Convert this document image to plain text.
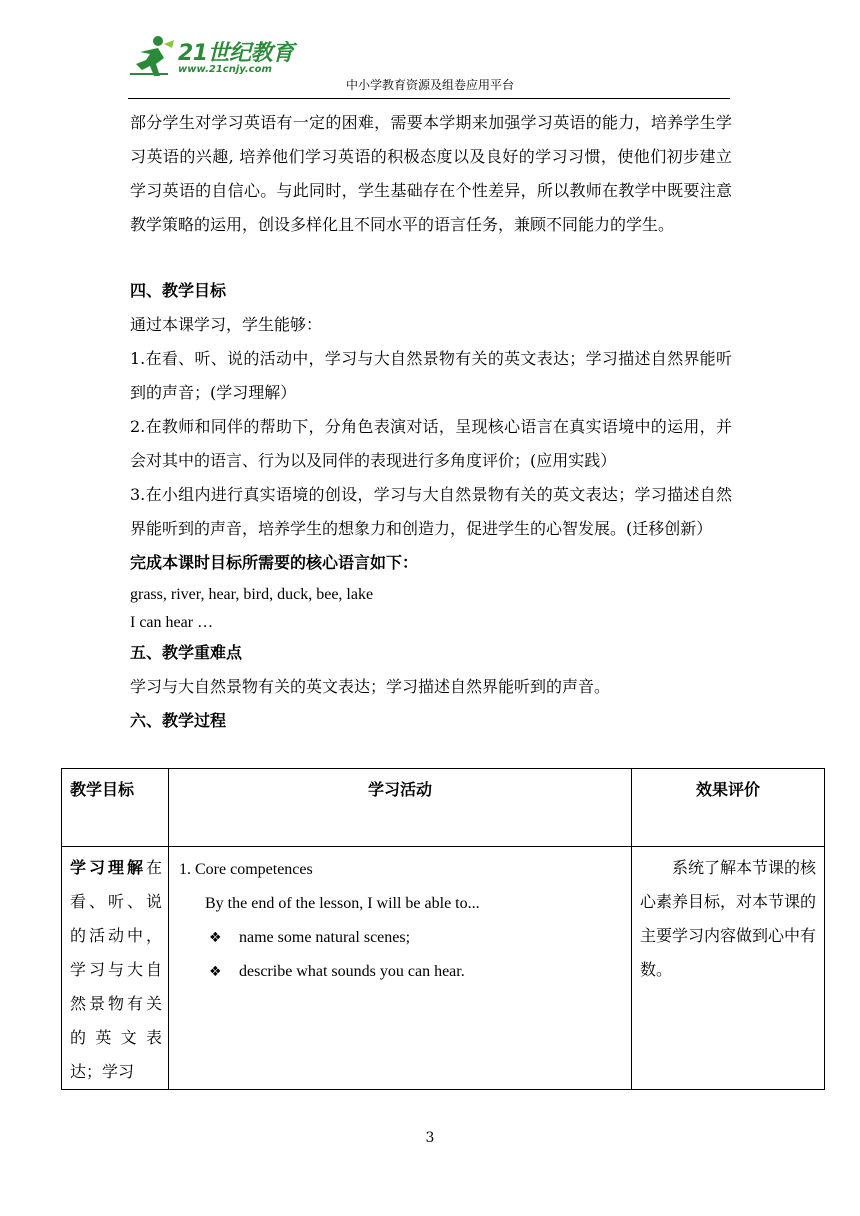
21世纪教育
www.21cnjy.com
中小学教育资源及组卷应用平台

部分学生对学习英语有一定的困难，需要本学期来加强学习英语的能力，培养学生学习英语的兴趣, 培养他们学习英语的积极态度以及良好的学习习惯，使他们初步建立学习英语的自信心。与此同时，学生基础存在个性差异，所以教师在教学中既要注意教学策略的运用，创设多样化且不同水平的语言任务，兼顾不同能力的学生。

四、教学目标

通过本课学习，学生能够：

1.在看、听、说的活动中，学习与大自然景物有关的英文表达；学习描述自然界能听到的声音；(学习理解）

2.在教师和同伴的帮助下，分角色表演对话，呈现核心语言在真实语境中的运用，并会对其中的语言、行为以及同伴的表现进行多角度评价；(应用实践）

3.在小组内进行真实语境的创设，学习与大自然景物有关的英文表达；学习描述自然界能听到的声音，培养学生的想象力和创造力，促进学生的心智发展。(迁移创新）

完成本课时目标所需要的核心语言如下：

grass, river, hear, bird, duck, bee, lake

I can hear …

五、教学重难点

学习与大自然景物有关的英文表达；学习描述自然界能听到的声音。

六、教学过程

教学目标	学习活动	效果评价
学习理解在看、听、说的活动中，学习与大自然景物有关的英文表达；学习	1. Core competences
By the end of the lesson, I will be able to...
❖ name some natural scenes;
❖ describe what sounds you can hear.	系统了解本节课的核心素养目标，对本节课的主要学习内容做到心中有数。
3
